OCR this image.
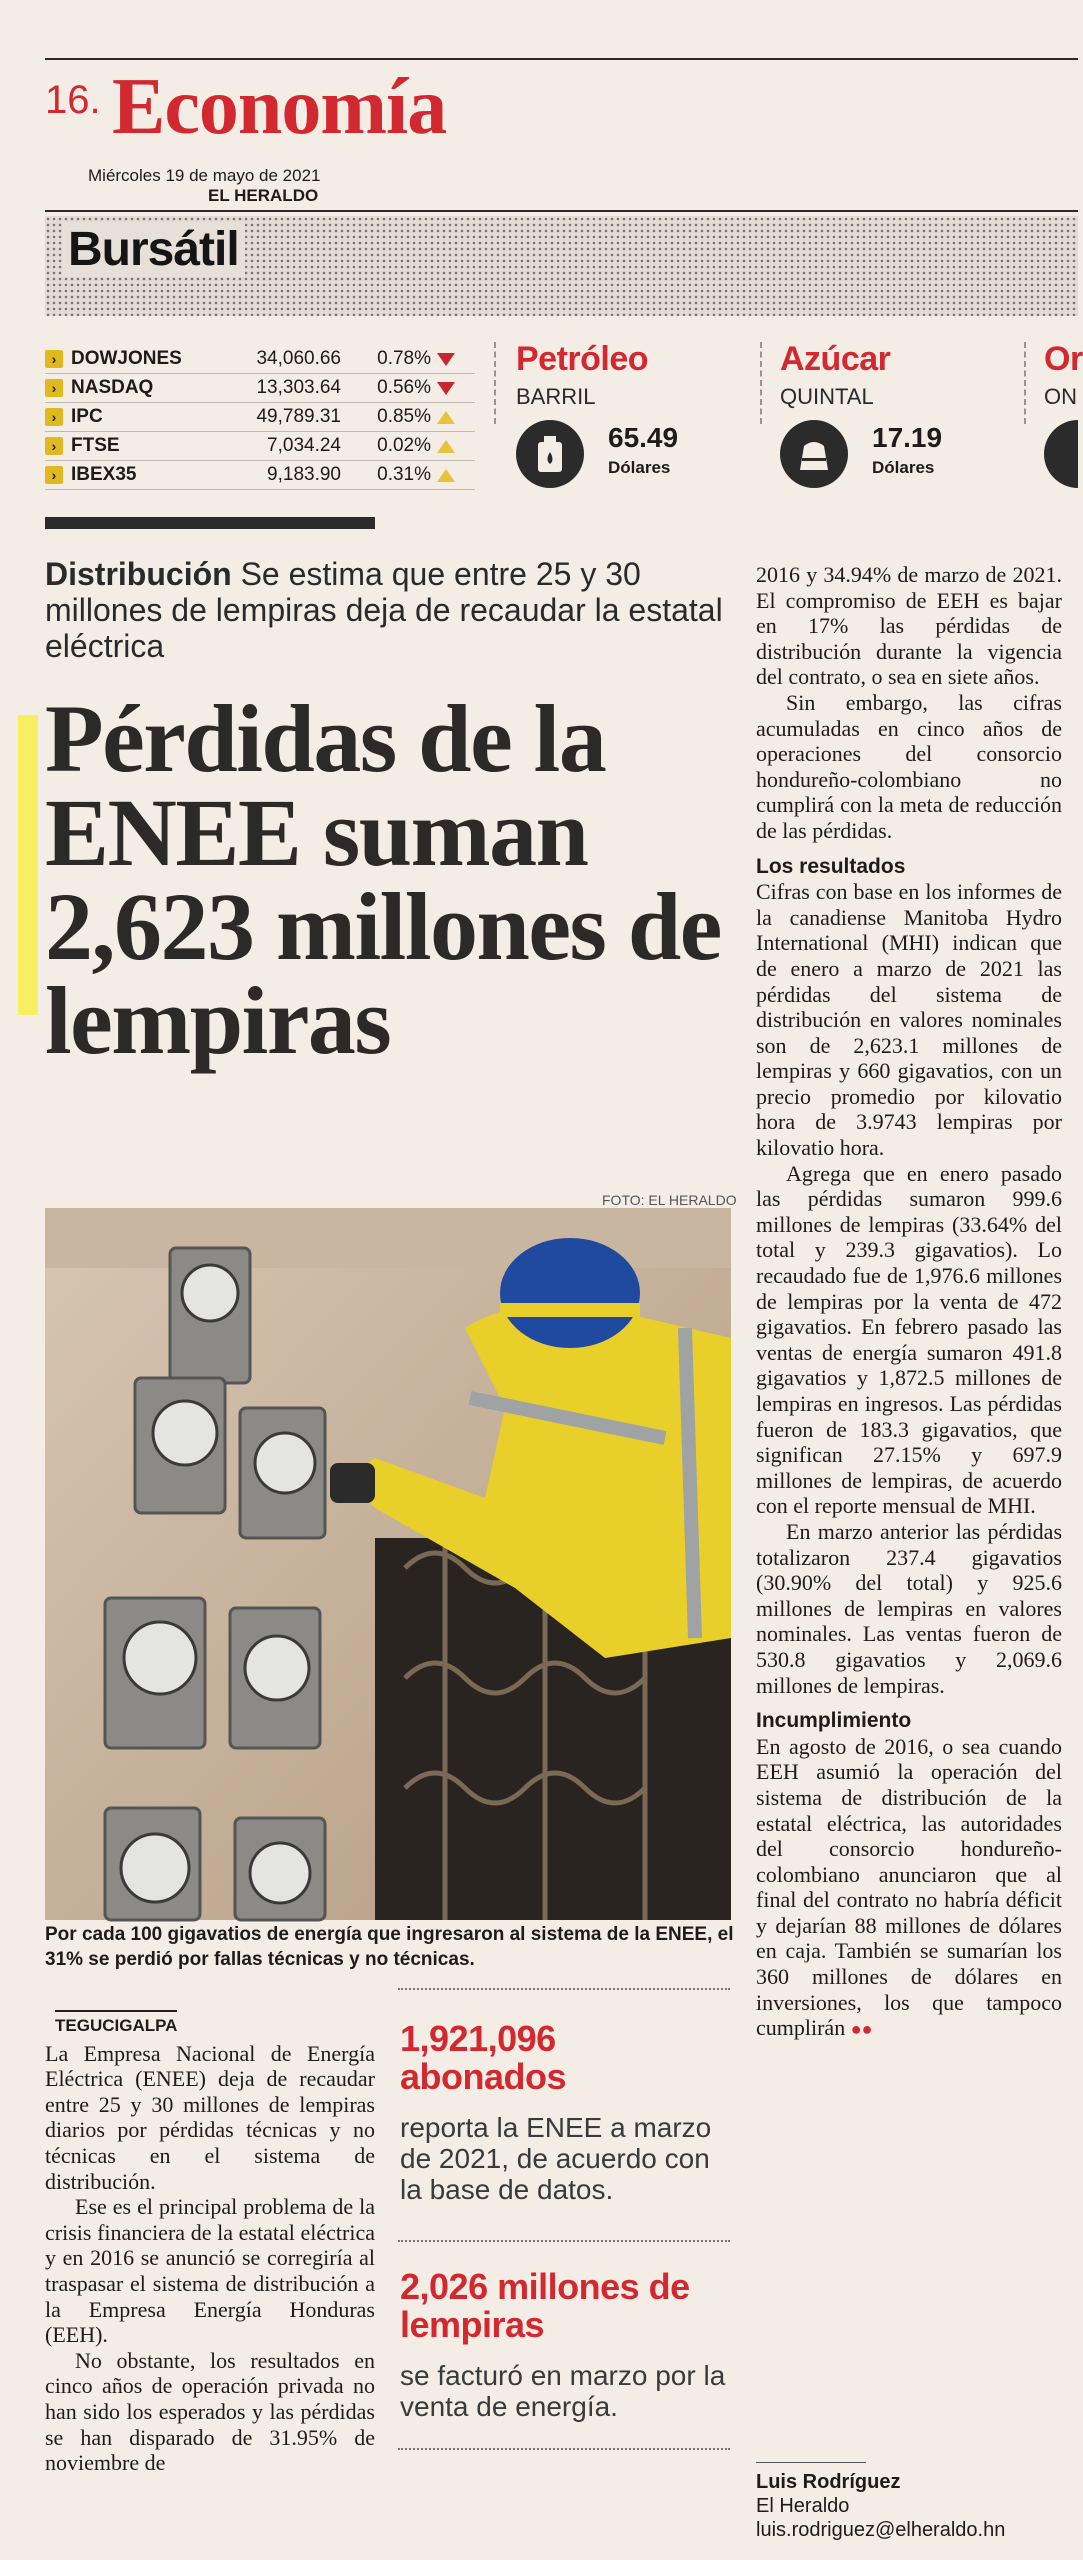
16. Economía
Miércoles 19 de mayo de 2021
EL HERALDO
Bursátil
› DOWJONES	34,060.66	0.78%
› NASDAQ	13,303.64	0.56%
› IPC	49,789.31	0.85%
› FTSE	7,034.24	0.02%
› IBEX35	9,183.90	0.31%
Petróleo
BARRIL
65.49
Dólares
Azúcar
QUINTAL
17.19
Dólares
Or
ON
Distribución Se estima que entre 25 y 30 millones de lempiras deja de recaudar la estatal eléctrica
Pérdidas de la ENEE suman 2,623 millones de lempiras
FOTO: EL HERALDO
Por cada 100 gigavatios de energía que ingresaron al sistema de la ENEE, el 31% se perdió por fallas técnicas y no técnicas.
TEGUCIGALPA

La Empresa Nacional de Energía Eléctrica (ENEE) deja de recaudar entre 25 y 30 millones de lempiras diarios por pérdidas técnicas y no técnicas en el sistema de distribución.

Ese es el principal problema de la crisis financiera de la estatal eléctrica y en 2016 se anunció se corregiría al traspasar el sistema de distribución a la Empresa Energía Honduras (EEH).

No obstante, los resultados en cinco años de operación privada no han sido los esperados y las pérdidas se han disparado de 31.95% de noviembre de

1,921,096 abonados
reporta la ENEE a marzo de 2021, de acuerdo con la base de datos.
2,026 millones de lempiras
se facturó en marzo por la venta de energía.

2016 y 34.94% de marzo de 2021. El compromiso de EEH es bajar en 17% las pérdidas de distribución durante la vigencia del contrato, o sea en siete años.

Sin embargo, las cifras acumuladas en cinco años de operaciones del consorcio hondureño-colombiano no cumplirá con la meta de reducción de las pérdidas.

Los resultados

Cifras con base en los informes de la canadiense Manitoba Hydro International (MHI) indican que de enero a marzo de 2021 las pérdidas del sistema de distribución en valores nominales son de 2,623.1 millones de lempiras y 660 gigavatios, con un precio promedio por kilovatio hora de 3.9743 lempiras por kilovatio hora.

Agrega que en enero pasado las pérdidas sumaron 999.6 millones de lempiras (33.64% del total y 239.3 gigavatios). Lo recaudado fue de 1,976.6 millones de lempiras por la venta de 472 gigavatios. En febrero pasado las ventas de energía sumaron 491.8 gigavatios y 1,872.5 millones de lempiras en ingresos. Las pérdidas fueron de 183.3 gigavatios, que significan 27.15% y 697.9 millones de lempiras, de acuerdo con el reporte mensual de MHI.

En marzo anterior las pérdidas totalizaron 237.4 gigavatios (30.90% del total) y 925.6 millones de lempiras en valores nominales. Las ventas fueron de 530.8 gigavatios y 2,069.6 millones de lempiras.

Incumplimiento

En agosto de 2016, o sea cuando EEH asumió la operación del sistema de distribución de la estatal eléctrica, las autoridades del consorcio hondureño-colombiano anunciaron que al final del contrato no habría déficit y dejarían 88 millones de dólares en caja. También se sumarían los 360 millones de dólares en inversiones, los que tampoco cumplirán ●●

Luis Rodríguez
El Heraldo
luis.rodriguez@elheraldo.hn
